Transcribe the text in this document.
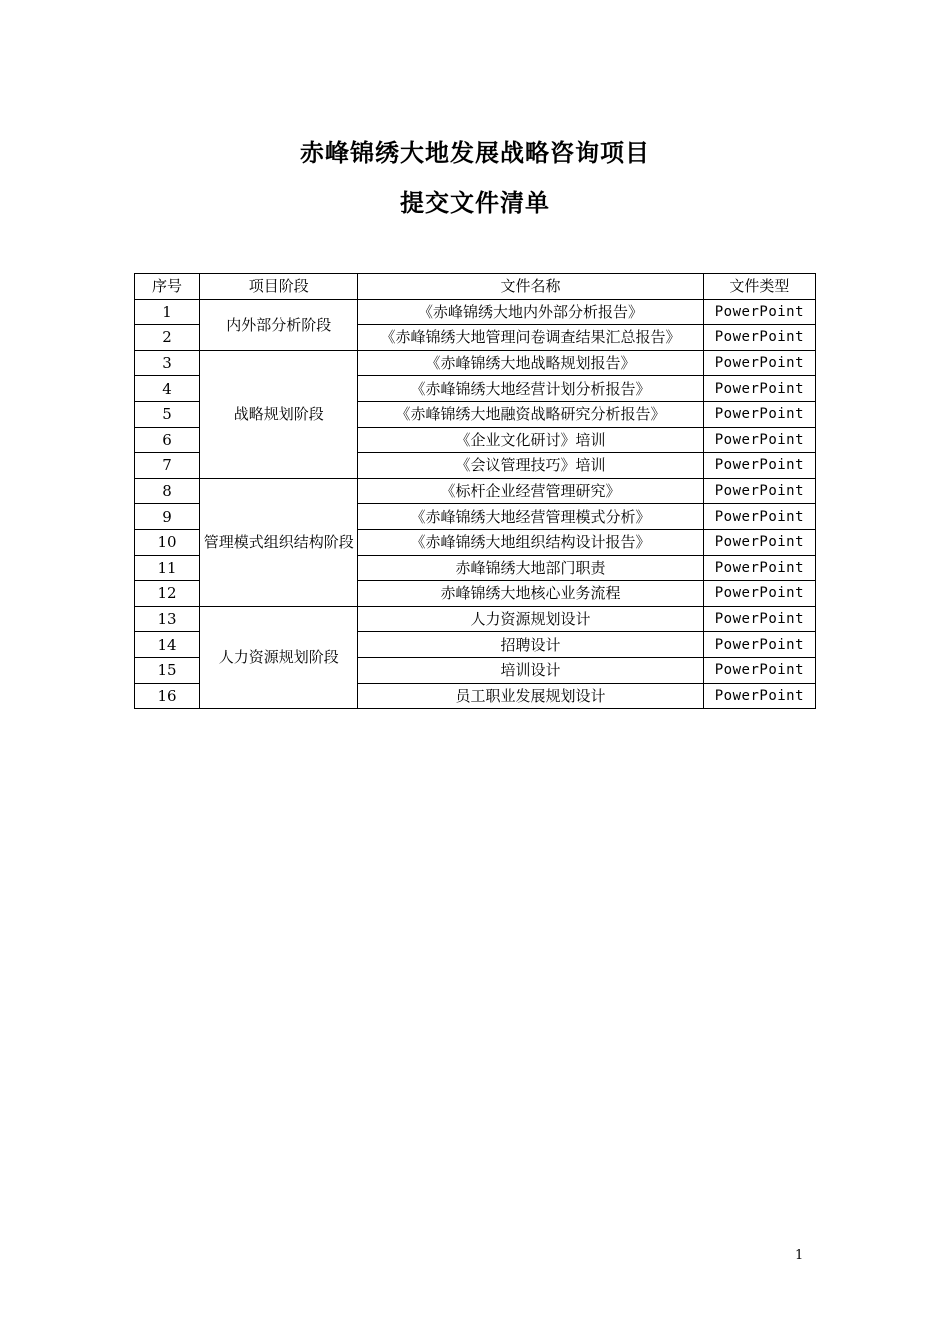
赤峰锦绣大地发展战略咨询项目
提交文件清单
序号	项目阶段	文件名称	文件类型
1	内外部分析阶段	《赤峰锦绣大地内外部分析报告》	PowerPoint
2		《赤峰锦绣大地管理问卷调查结果汇总报告》	PowerPoint
3	战略规划阶段	《赤峰锦绣大地战略规划报告》	PowerPoint
4		《赤峰锦绣大地经营计划分析报告》	PowerPoint
5		《赤峰锦绣大地融资战略研究分析报告》	PowerPoint
6		《企业文化研讨》培训	PowerPoint
7		《会议管理技巧》培训	PowerPoint
8	管理模式组织结构阶段	《标杆企业经营管理研究》	PowerPoint
9		《赤峰锦绣大地经营管理模式分析》	PowerPoint
10		《赤峰锦绣大地组织结构设计报告》	PowerPoint
11		赤峰锦绣大地部门职责	PowerPoint
12		赤峰锦绣大地核心业务流程	PowerPoint
13	人力资源规划阶段	人力资源规划设计	PowerPoint
14		招聘设计	PowerPoint
15		培训设计	PowerPoint
16		员工职业发展规划设计	PowerPoint
1
